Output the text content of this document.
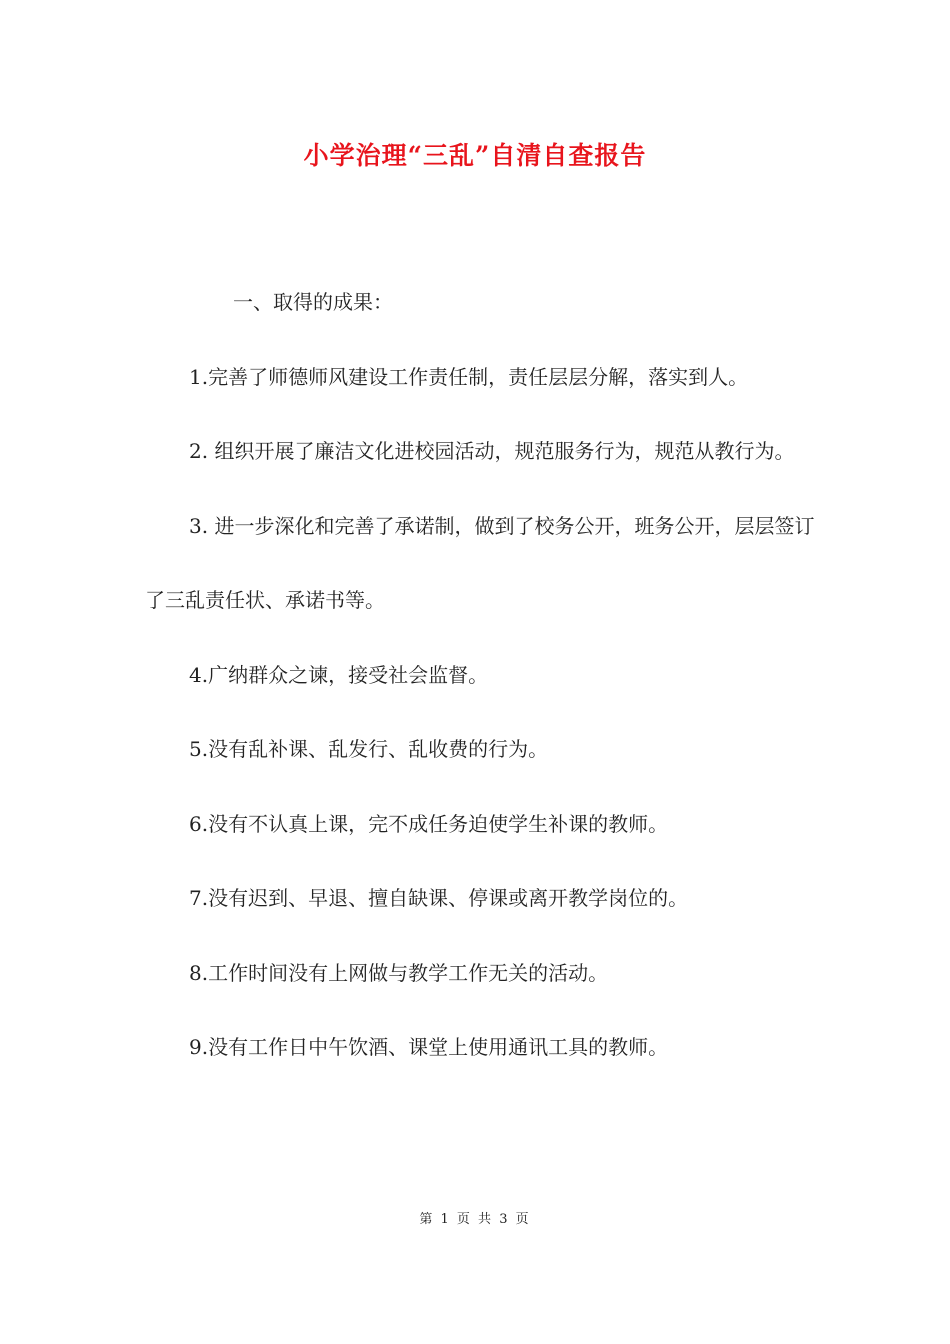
小学治理“三乱”自清自查报告

一、取得的成果：

1.完善了师德师风建设工作责任制，责任层层分解，落实到人。

2. 组织开展了廉洁文化进校园活动，规范服务行为，规范从教行为。

3. 进一步深化和完善了承诺制，做到了校务公开，班务公开，层层签订了三乱责任状、承诺书等。

4.广纳群众之谏，接受社会监督。

5.没有乱补课、乱发行、乱收费的行为。

6.没有不认真上课，完不成任务迫使学生补课的教师。

7.没有迟到、早退、擅自缺课、停课或离开教学岗位的。

8.工作时间没有上网做与教学工作无关的活动。

9.没有工作日中午饮酒、课堂上使用通讯工具的教师。

第 1 页 共 3 页
